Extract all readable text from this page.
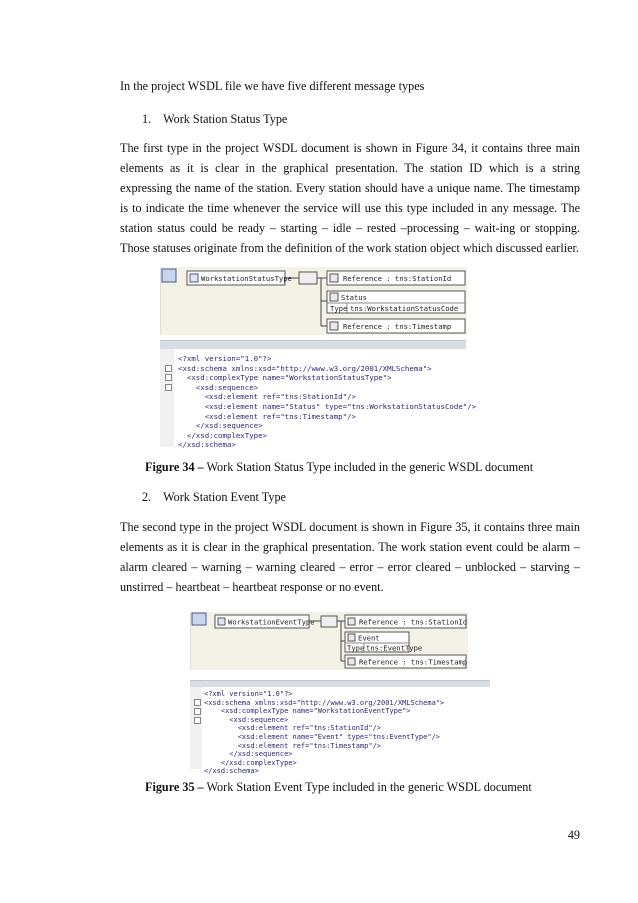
In the project WSDL file we have five different message types

1. Work Station Status Type

The first type in the project WSDL document is shown in Figure 34, it contains three main elements as it is clear in the graphical presentation. The station ID which is a string expressing the name of the station. Every station should have a unique name. The timestamp is to indicate the time whenever the service will use this type included in any message. The station status could be ready – starting – idle – rested –processing – wait-ing or stopping. Those statuses originate from the definition of the work station object which discussed earlier.

WorkstationStatusType	Reference : tns:StationId
Status
Type tns:WorkstationStatusCode
Reference : tns:Timestamp
<?xml version="1.0"?>
<xsd:schema xmlns:xsd="http://www.w3.org/2001/XMLSchema">
<xsd:complexType name="WorkstationStatusType">
<xsd:sequence>
<xsd:element ref="tns:StationId"/>
<xsd:element name="Status" type="tns:WorkstationStatusCode"/>
<xsd:element ref="tns:Timestamp"/>
</xsd:sequence>
</xsd:complexType>
</xsd:schema>

Figure 34 – Work Station Status Type included in the generic WSDL document

2. Work Station Event Type

The second type in the project WSDL document is shown in Figure 35, it contains three main elements as it is clear in the graphical presentation. The work station event could be alarm – alarm cleared – warning – warning cleared – error – error cleared – unblocked – starving – unstirred – heartbeat – heartbeat response or no event.

WorkstationEventType	Reference : tns:StationId
Event
Type tns:EventType
Reference : tns:Timestamp
<?xml version="1.0"?>
<xsd:schema xmlns:xsd="http://www.w3.org/2001/XMLSchema">
<xsd:complexType name="WorkstationEventType">
<xsd:sequence>
<xsd:element ref="tns:StationId"/>
<xsd:element name="Event" type="tns:EventType"/>
<xsd:element ref="tns:Timestamp"/>
</xsd:sequence>
</xsd:complexType>
</xsd:schema>

Figure 35 – Work Station Event Type included in the generic WSDL document

49
